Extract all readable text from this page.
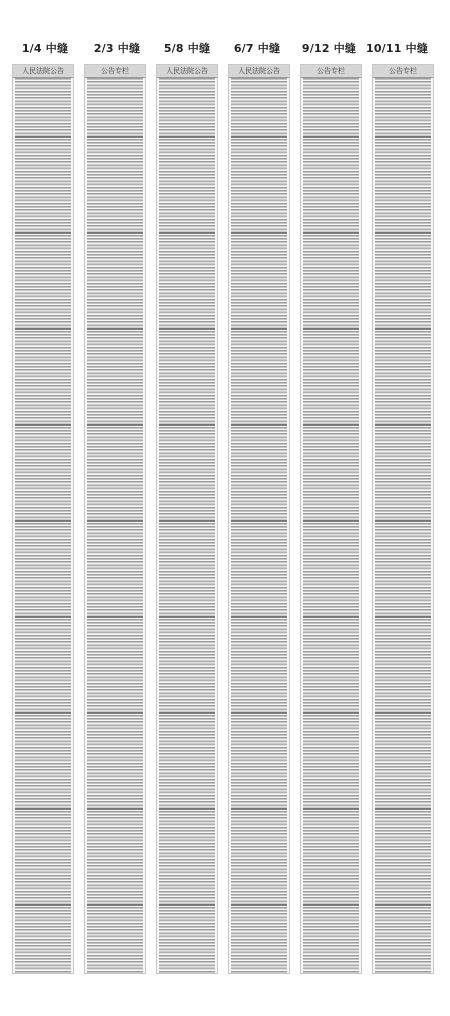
1/4 中缝	2/3 中缝	5/8 中缝	6/7 中缝	9/12 中缝 10/11 中缝
人民法院公告	公告专栏	人民法院公告	人民法院公告	公告专栏	公告专栏
